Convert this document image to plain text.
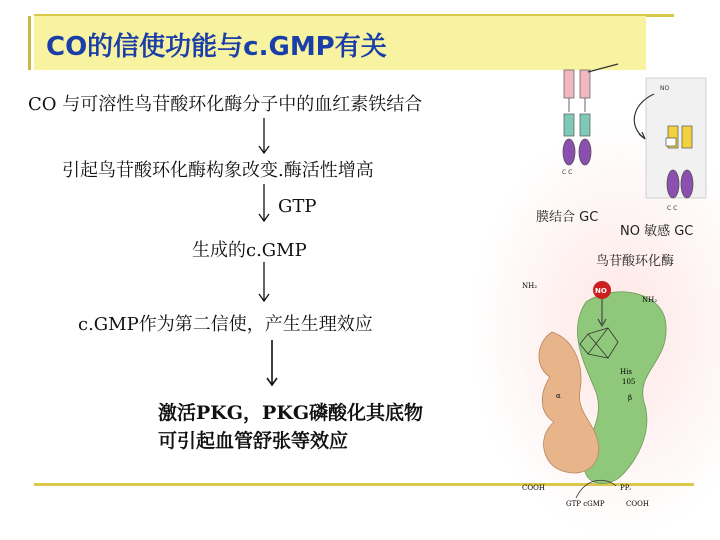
CO的信使功能与c.GMP有关
CO 与可溶性鸟苷酸环化酶分子中的血红素铁结合
引起鸟苷酸环化酶构象改变.酶活性增高
GTP
生成的c.GMP
c.GMP作为第二信使，产生生理效应
激活PKG，PKG磷酸化其底物
可引起血管舒张等效应
C C
NO
C C
膜结合 GC
NO 敏感 GC
鸟苷酸环化酶
NO
NH₂
NH₂
His
105
β
α
COOH
COOH
PPᵢ
GTP cGMP
